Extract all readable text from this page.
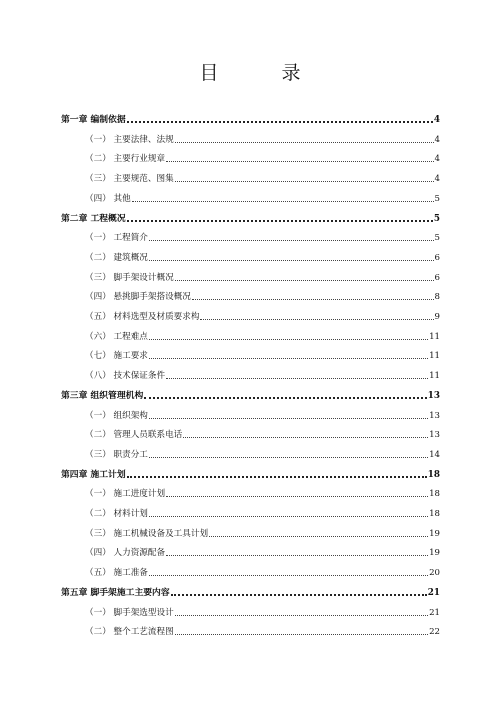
目　录
第一章 编制依据	4
（一） 主要法律、法规	4
（二） 主要行业规章	4
（三） 主要规范、图集	4
（四） 其他	5
第二章 工程概况	5
（一） 工程简介	5
（二） 建筑概况	6
（三） 脚手架设计概况	6
（四） 悬挑脚手架搭设概况	8
（五） 材料选型及材质要求构	9
（六） 工程难点	11
（七） 施工要求	11
（八） 技术保证条件	11
第三章 组织管理机构	13
（一） 组织架构	13
（二） 管理人员联系电话	13
（三） 职责分工	14
第四章 施工计划	18
（一） 施工进度计划	18
（二） 材料计划	18
（三） 施工机械设备及工具计划	19
（四） 人力资源配备	19
（五） 施工准备	20
第五章 脚手架施工主要内容	21
（一） 脚手架选型设计	21
（二） 整个工艺流程图	22
